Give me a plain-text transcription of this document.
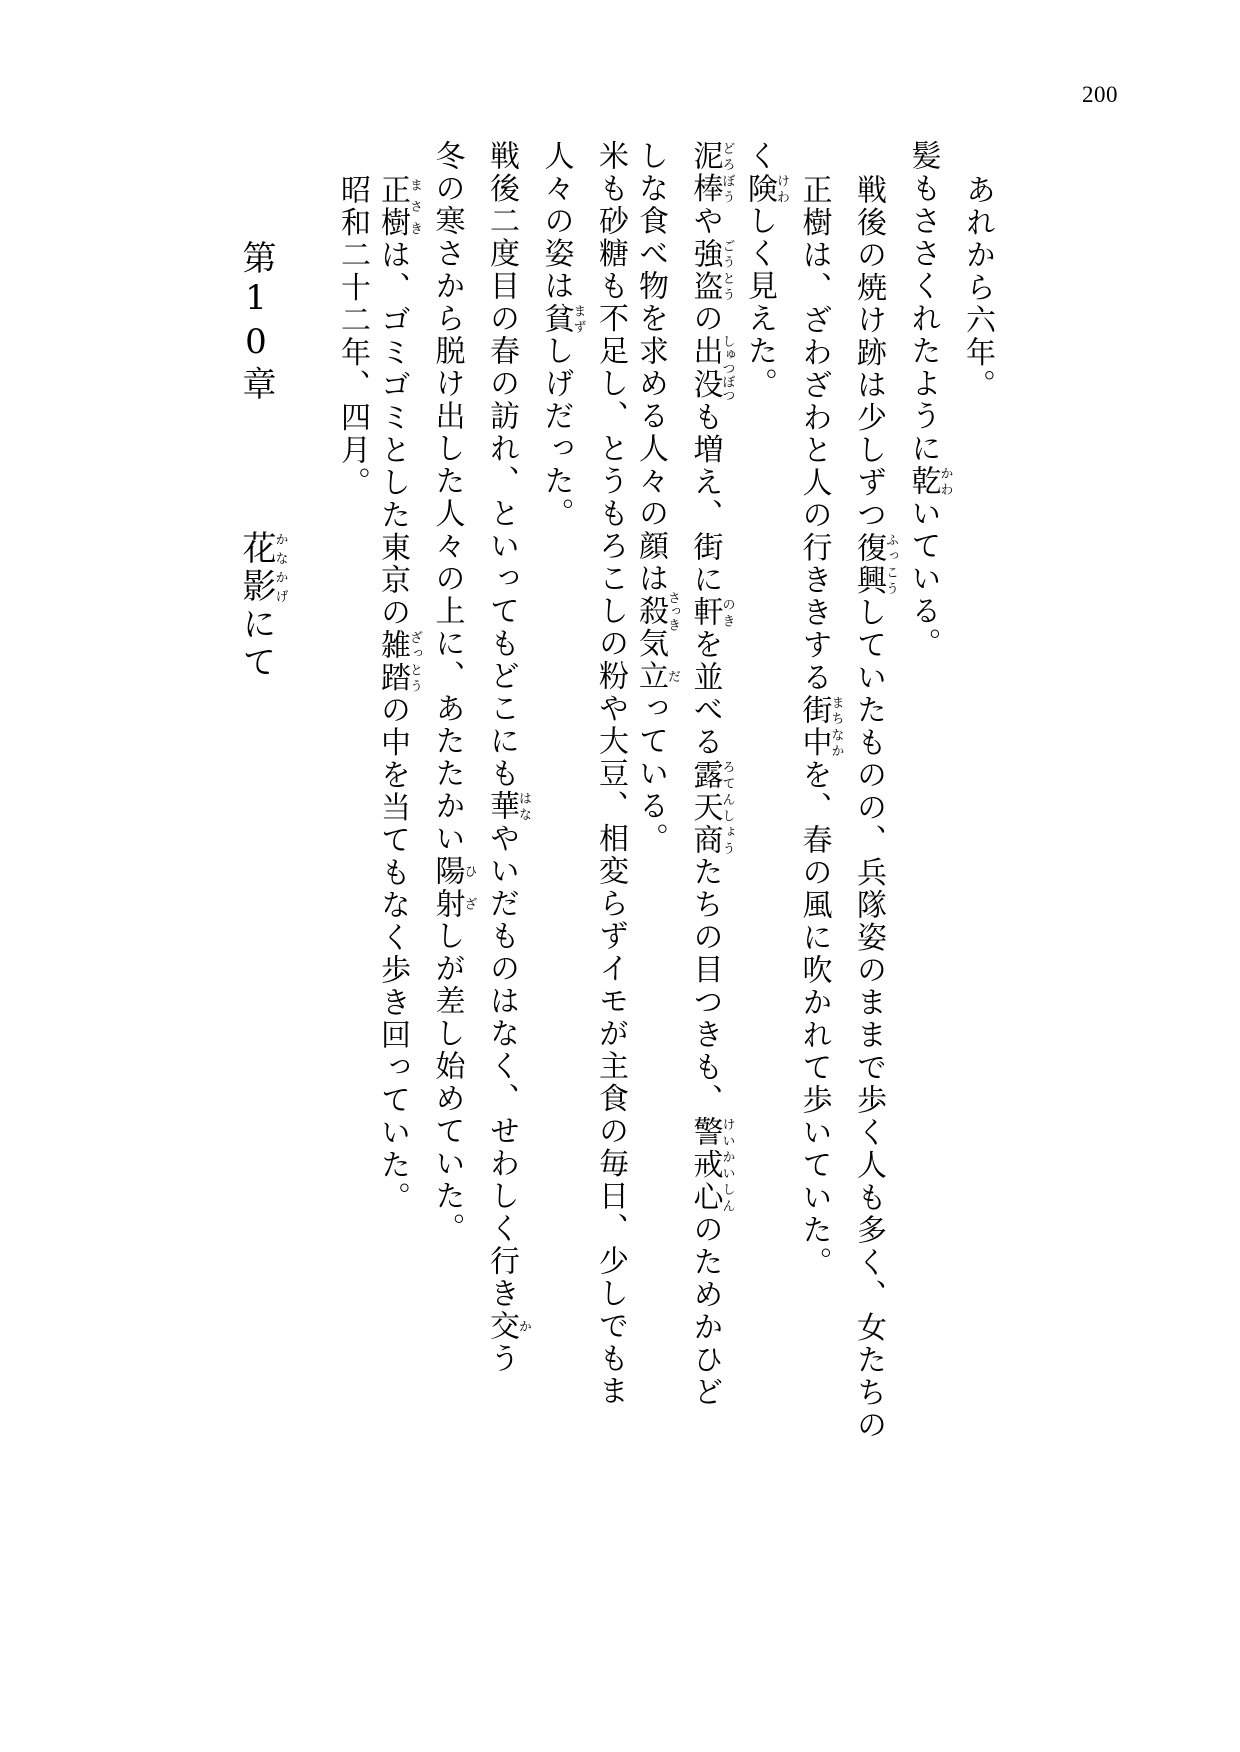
200
昭和二十二年、四月。 正樹まさきは、ゴミゴミとした東京の雑踏ざっとうの中を当てもなく歩き回っていた。
冬の寒さから脱け出した人々の上に、あたたかい陽ひ射ざしが差し始めていた。
戦後二度目の春の訪れ、といってもどこにも華はなやいだものはなく、せわしく行き交かう
人々の姿は貧まずしげだった。 米も砂糖も不足し、とうもろこしの粉や大豆、相変らずイモが主食の毎日、少しでもま しな食べ物を求める人々の顔は殺さっき気立だっている。
泥棒どろぼうや強盗ごうとうの出没しゅつぼつも増え、街に軒のきを並べる露天商ろてんしょうたちの目つきも、警戒心けいかいしんのためかひど
く険けわしく見えた。 正樹は、ざわざわと人の行ききする街中まちなかを、春の風に吹かれて歩いていた。
戦後の焼け跡は少しずつ復興ふっこうしていたものの、兵隊姿のままで歩く人も多く、女たちの
髪もささくれたように乾かわいている。
あれから六年。
第10章 　 花影かなかげにて
